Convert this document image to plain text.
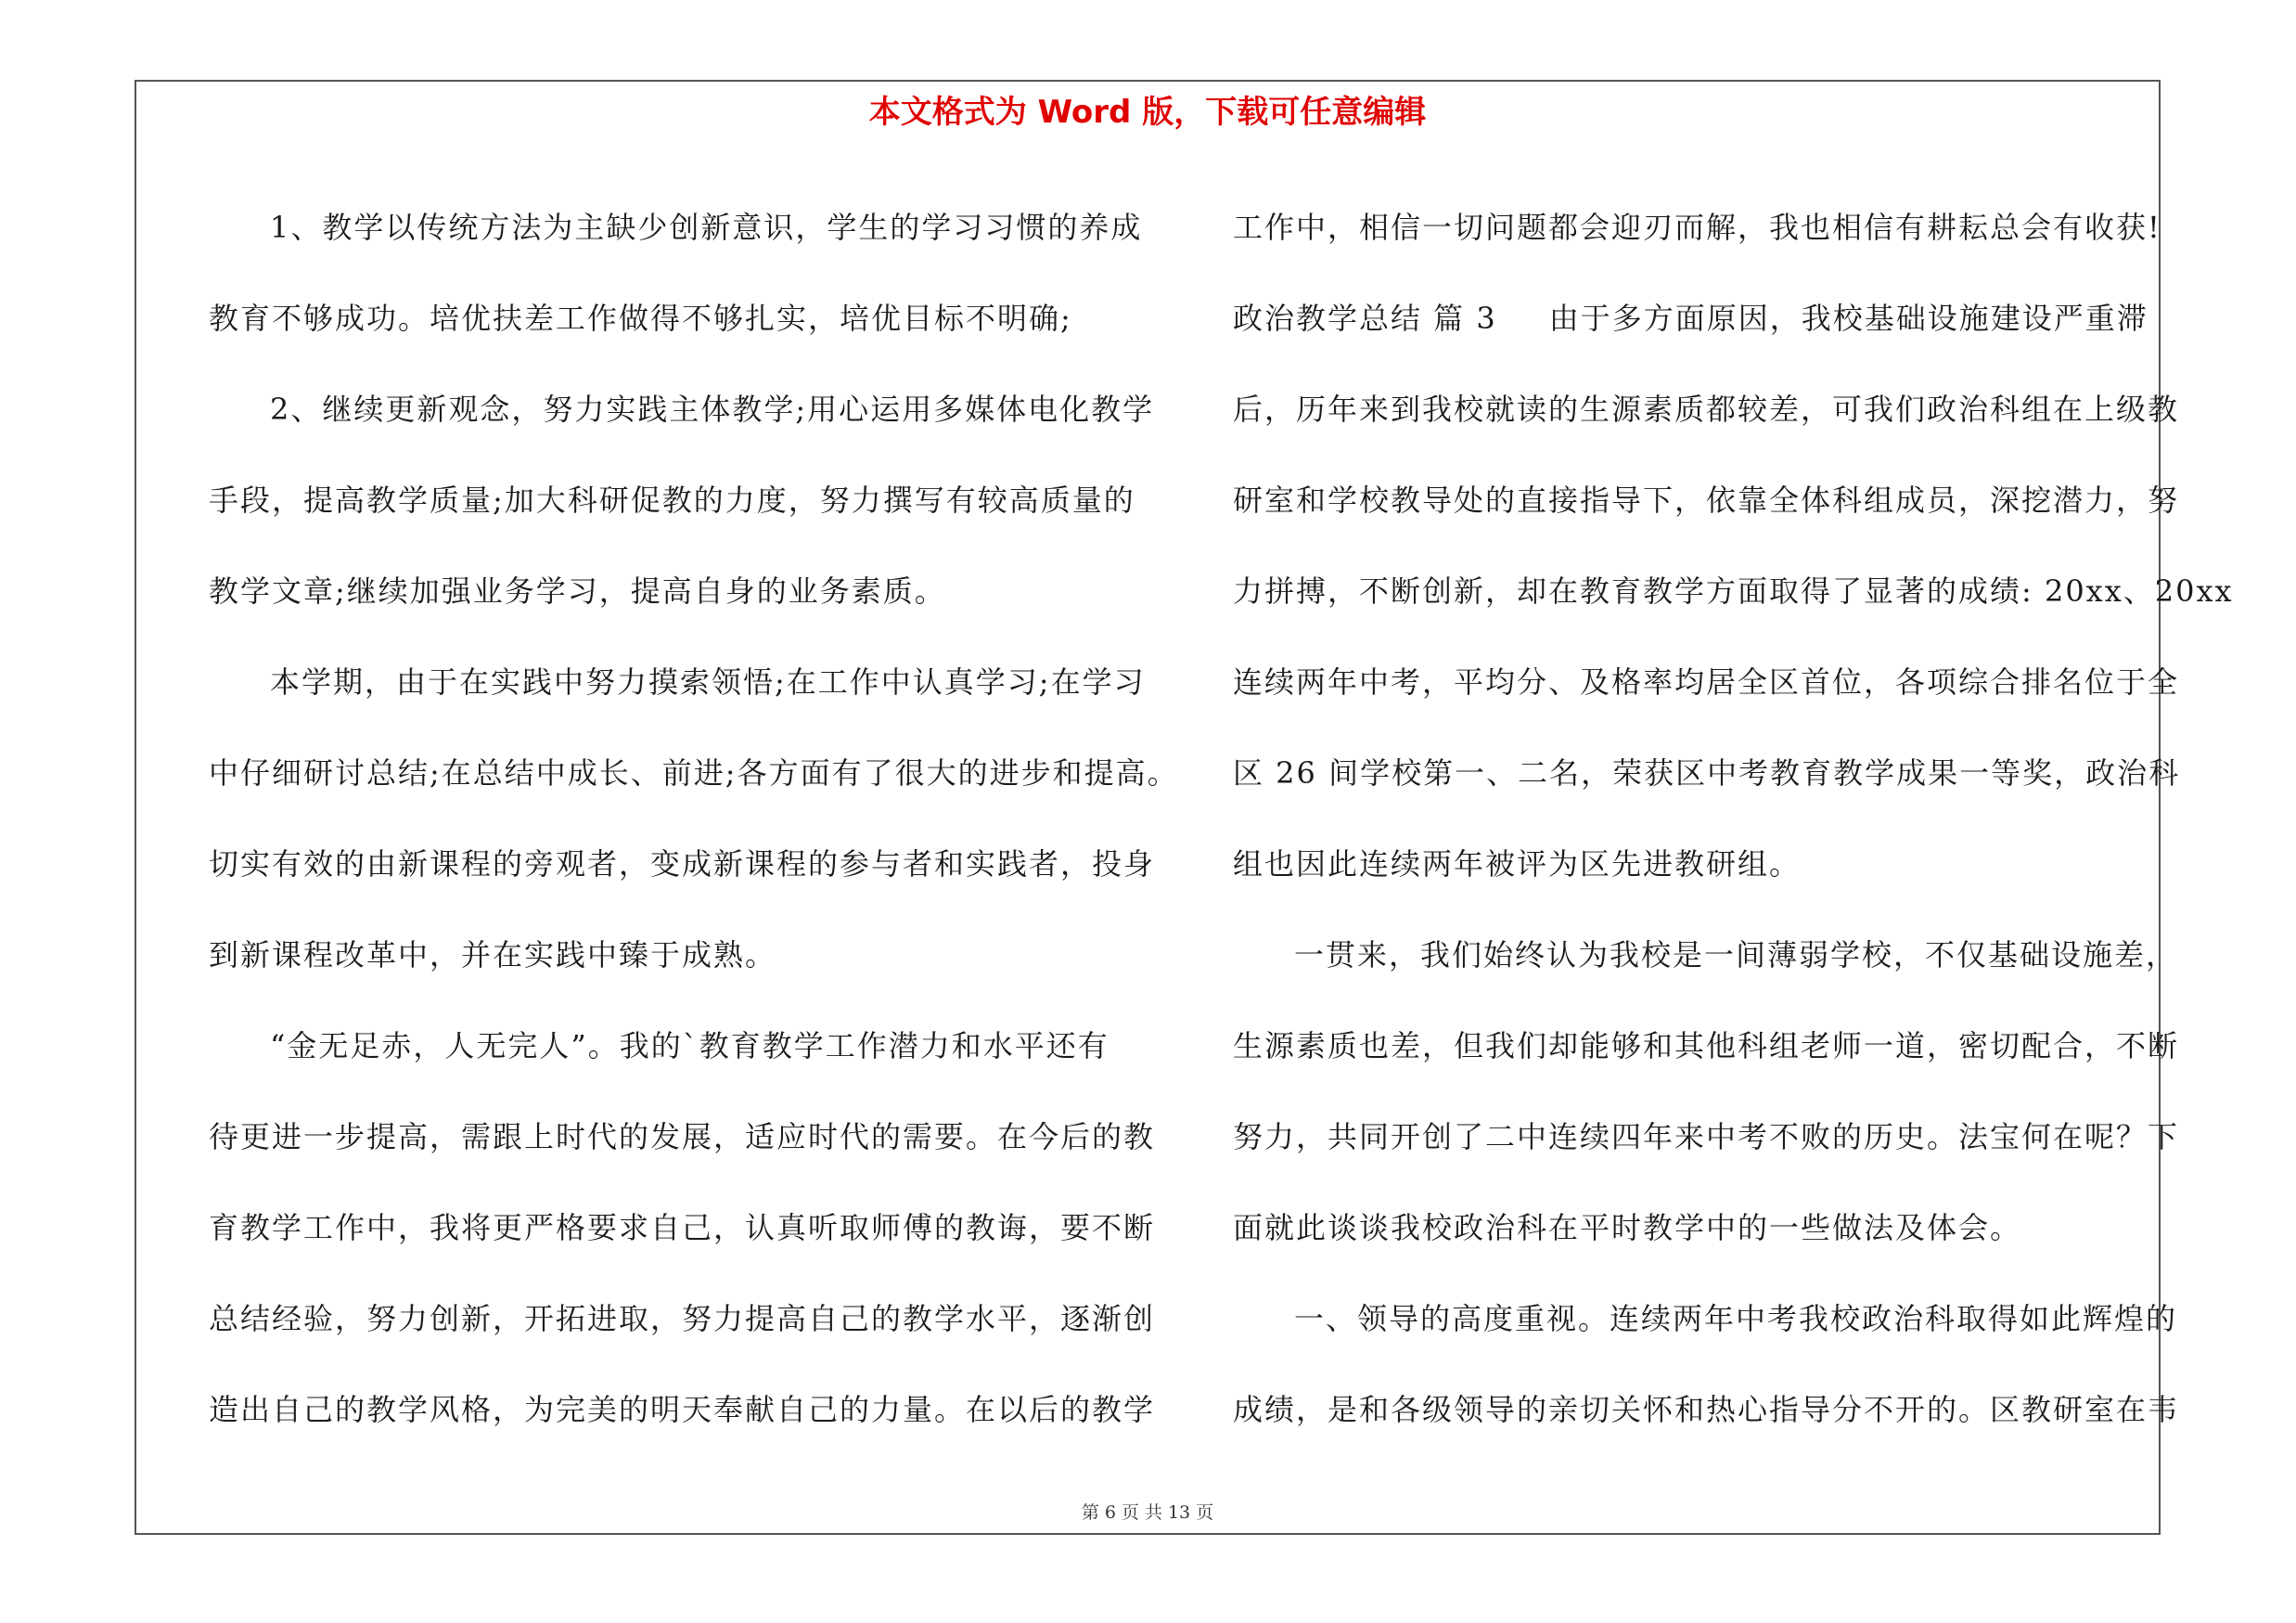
本文格式为 Word 版，下载可任意编辑
1、教学以传统方法为主缺少创新意识，学生的学习习惯的养成
教育不够成功。培优扶差工作做得不够扎实，培优目标不明确;
2、继续更新观念，努力实践主体教学;用心运用多媒体电化教学
手段，提高教学质量;加大科研促教的力度，努力撰写有较高质量的
教学文章;继续加强业务学习，提高自身的业务素质。
本学期，由于在实践中努力摸索领悟;在工作中认真学习;在学习
中仔细研讨总结;在总结中成长、前进;各方面有了很大的进步和提高。
切实有效的由新课程的旁观者，变成新课程的参与者和实践者，投身
到新课程改革中，并在实践中臻于成熟。
“金无足赤，人无完人”。我的`教育教学工作潜力和水平还有
待更进一步提高，需跟上时代的发展，适应时代的需要。在今后的教
育教学工作中，我将更严格要求自己，认真听取师傅的教诲，要不断
总结经验，努力创新，开拓进取，努力提高自己的教学水平，逐渐创
造出自己的教学风格，为完美的明天奉献自己的力量。在以后的教学
工作中，相信一切问题都会迎刃而解，我也相信有耕耘总会有收获!
政治教学总结 篇 3 由于多方面原因，我校基础设施建设严重滞
后，历年来到我校就读的生源素质都较差，可我们政治科组在上级教
研室和学校教导处的直接指导下，依靠全体科组成员，深挖潜力，努
力拼搏，不断创新，却在教育教学方面取得了显著的成绩: 20xx、20xx
连续两年中考，平均分、及格率均居全区首位，各项综合排名位于全
区 26 间学校第一、二名，荣获区中考教育教学成果一等奖，政治科
组也因此连续两年被评为区先进教研组。
一贯来，我们始终认为我校是一间薄弱学校，不仅基础设施差，
生源素质也差，但我们却能够和其他科组老师一道，密切配合，不断
努力，共同开创了二中连续四年来中考不败的历史。法宝何在呢？下
面就此谈谈我校政治科在平时教学中的一些做法及体会。
一、领导的高度重视。连续两年中考我校政治科取得如此辉煌的
成绩，是和各级领导的亲切关怀和热心指导分不开的。区教研室在韦
第 6 页 共 13 页
